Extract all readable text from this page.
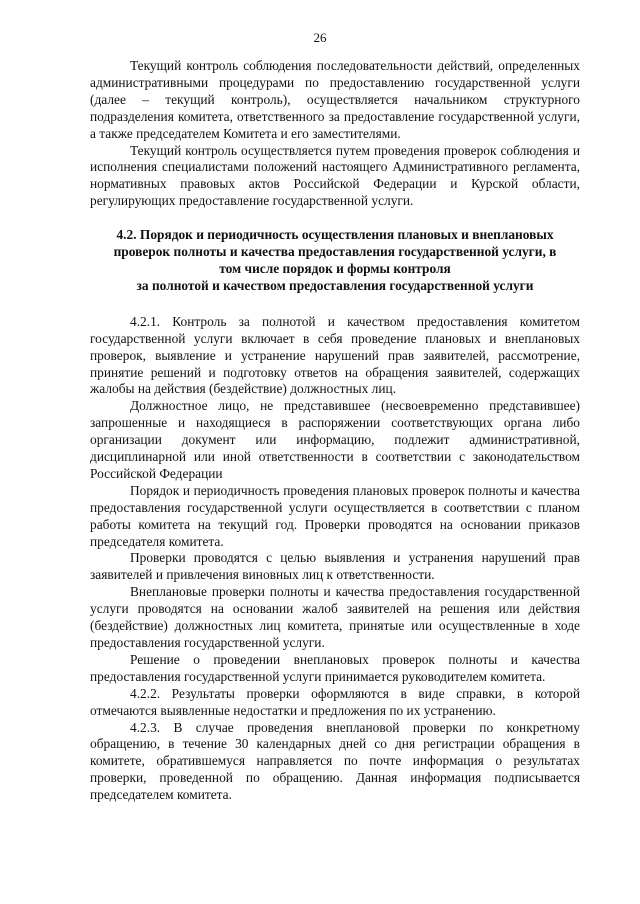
26

Текущий контроль соблюдения последовательности действий, определенных административными процедурами по предоставлению государственной услуги (далее – текущий контроль), осуществляется начальником структурного подразделения комитета, ответственного за предоставление государственной услуги, а также председателем Комитета и его заместителями.

Текущий контроль осуществляется путем проведения проверок соблюдения и исполнения специалистами положений настоящего Административного регламента, нормативных правовых актов Российской Федерации и Курской области, регулирующих предоставление государственной услуги.

4.2. Порядок и периодичность осуществления плановых и внеплановых
проверок полноты и качества предоставления государственной услуги, в
том числе порядок и формы контроля
за полнотой и качеством предоставления государственной услуги

4.2.1. Контроль за полнотой и качеством предоставления комитетом государственной услуги включает в себя проведение плановых и внеплановых проверок, выявление и устранение нарушений прав заявителей, рассмотрение, принятие решений и подготовку ответов на обращения заявителей, содержащих жалобы на действия (бездействие) должностных лиц.

Должностное лицо, не представившее (несвоевременно представившее) запрошенные и находящиеся в распоряжении соответствующих органа либо организации документ или информацию, подлежит административной, дисциплинарной или иной ответственности в соответствии с законодательством Российской Федерации

Порядок и периодичность проведения плановых проверок полноты и качества предоставления государственной услуги осуществляется в соответствии с планом работы комитета на текущий год. Проверки проводятся на основании приказов председателя комитета.

Проверки проводятся с целью выявления и устранения нарушений прав заявителей и привлечения виновных лиц к ответственности.

Внеплановые проверки полноты и качества предоставления государственной услуги проводятся на основании жалоб заявителей на решения или действия (бездействие) должностных лиц комитета, принятые или осуществленные в ходе предоставления государственной услуги.

Решение о проведении внеплановых проверок полноты и качества предоставления государственной услуги принимается руководителем комитета.

4.2.2. Результаты проверки оформляются в виде справки, в которой отмечаются выявленные недостатки и предложения по их устранению.

4.2.3. В случае проведения внеплановой проверки по конкретному обращению, в течение 30 календарных дней со дня регистрации обращения в комитете, обратившемуся направляется по почте информация о результатах проверки, проведенной по обращению. Данная информация подписывается председателем комитета.
